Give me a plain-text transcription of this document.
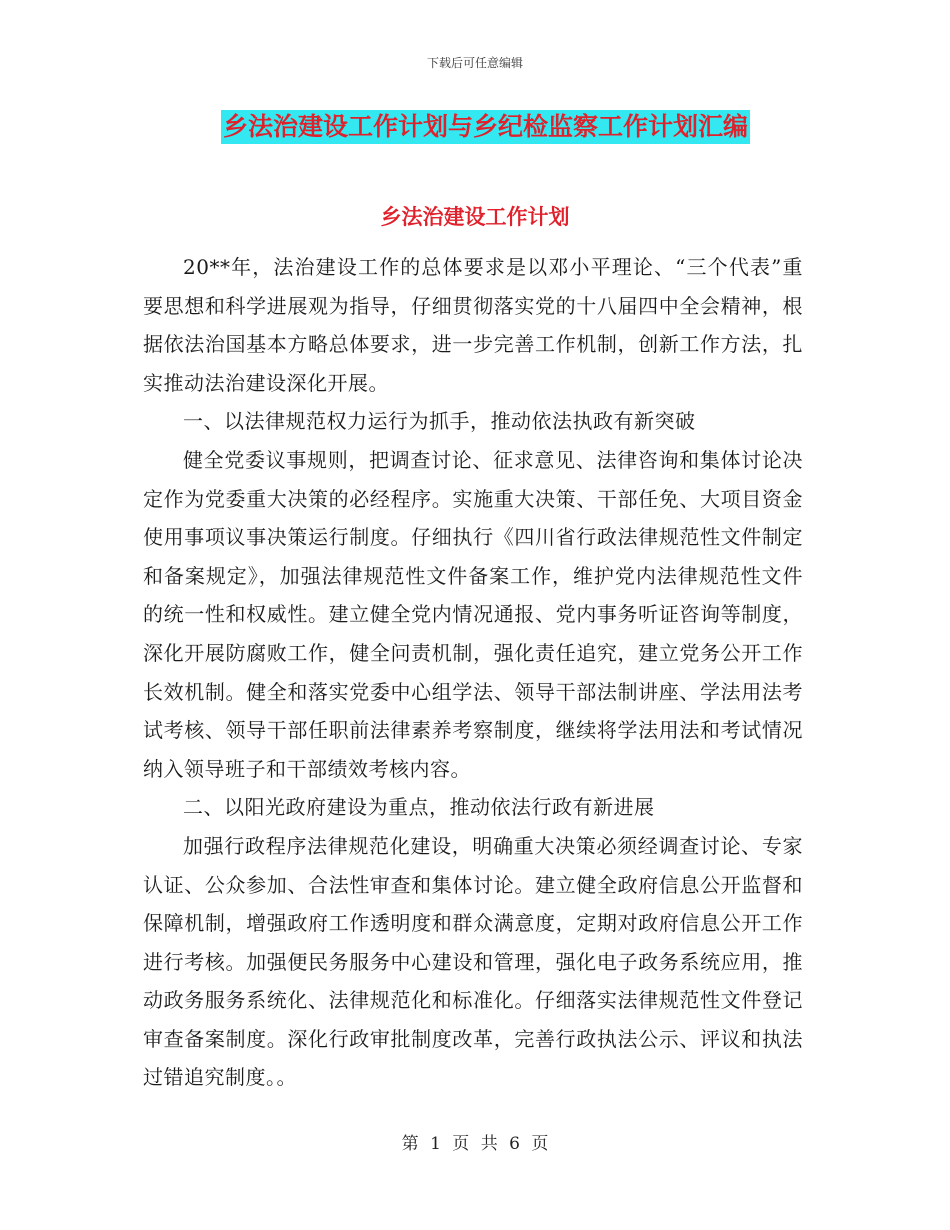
下载后可任意编辑
乡法治建设工作计划与乡纪检监察工作计划汇编
乡法治建设工作计划

20**年，法治建设工作的总体要求是以邓小平理论、“三个代表”重要思想和科学进展观为指导，仔细贯彻落实党的十八届四中全会精神，根据依法治国基本方略总体要求，进一步完善工作机制，创新工作方法，扎实推动法治建设深化开展。

一、以法律规范权力运行为抓手，推动依法执政有新突破

健全党委议事规则，把调查讨论、征求意见、法律咨询和集体讨论决定作为党委重大决策的必经程序。实施重大决策、干部任免、大项目资金使用事项议事决策运行制度。仔细执行《四川省行政法律规范性文件制定和备案规定》，加强法律规范性文件备案工作，维护党内法律规范性文件的统一性和权威性。建立健全党内情况通报、党内事务听证咨询等制度，深化开展防腐败工作，健全问责机制，强化责任追究，建立党务公开工作长效机制。健全和落实党委中心组学法、领导干部法制讲座、学法用法考试考核、领导干部任职前法律素养考察制度，继续将学法用法和考试情况纳入领导班子和干部绩效考核内容。

二、以阳光政府建设为重点，推动依法行政有新进展

加强行政程序法律规范化建设，明确重大决策必须经调查讨论、专家认证、公众参加、合法性审查和集体讨论。建立健全政府信息公开监督和保障机制，增强政府工作透明度和群众满意度，定期对政府信息公开工作进行考核。加强便民务服务中心建设和管理，强化电子政务系统应用，推动政务服务系统化、法律规范化和标准化。仔细落实法律规范性文件登记审查备案制度。深化行政审批制度改革，完善行政执法公示、评议和执法过错追究制度。。

第 1 页 共 6 页
